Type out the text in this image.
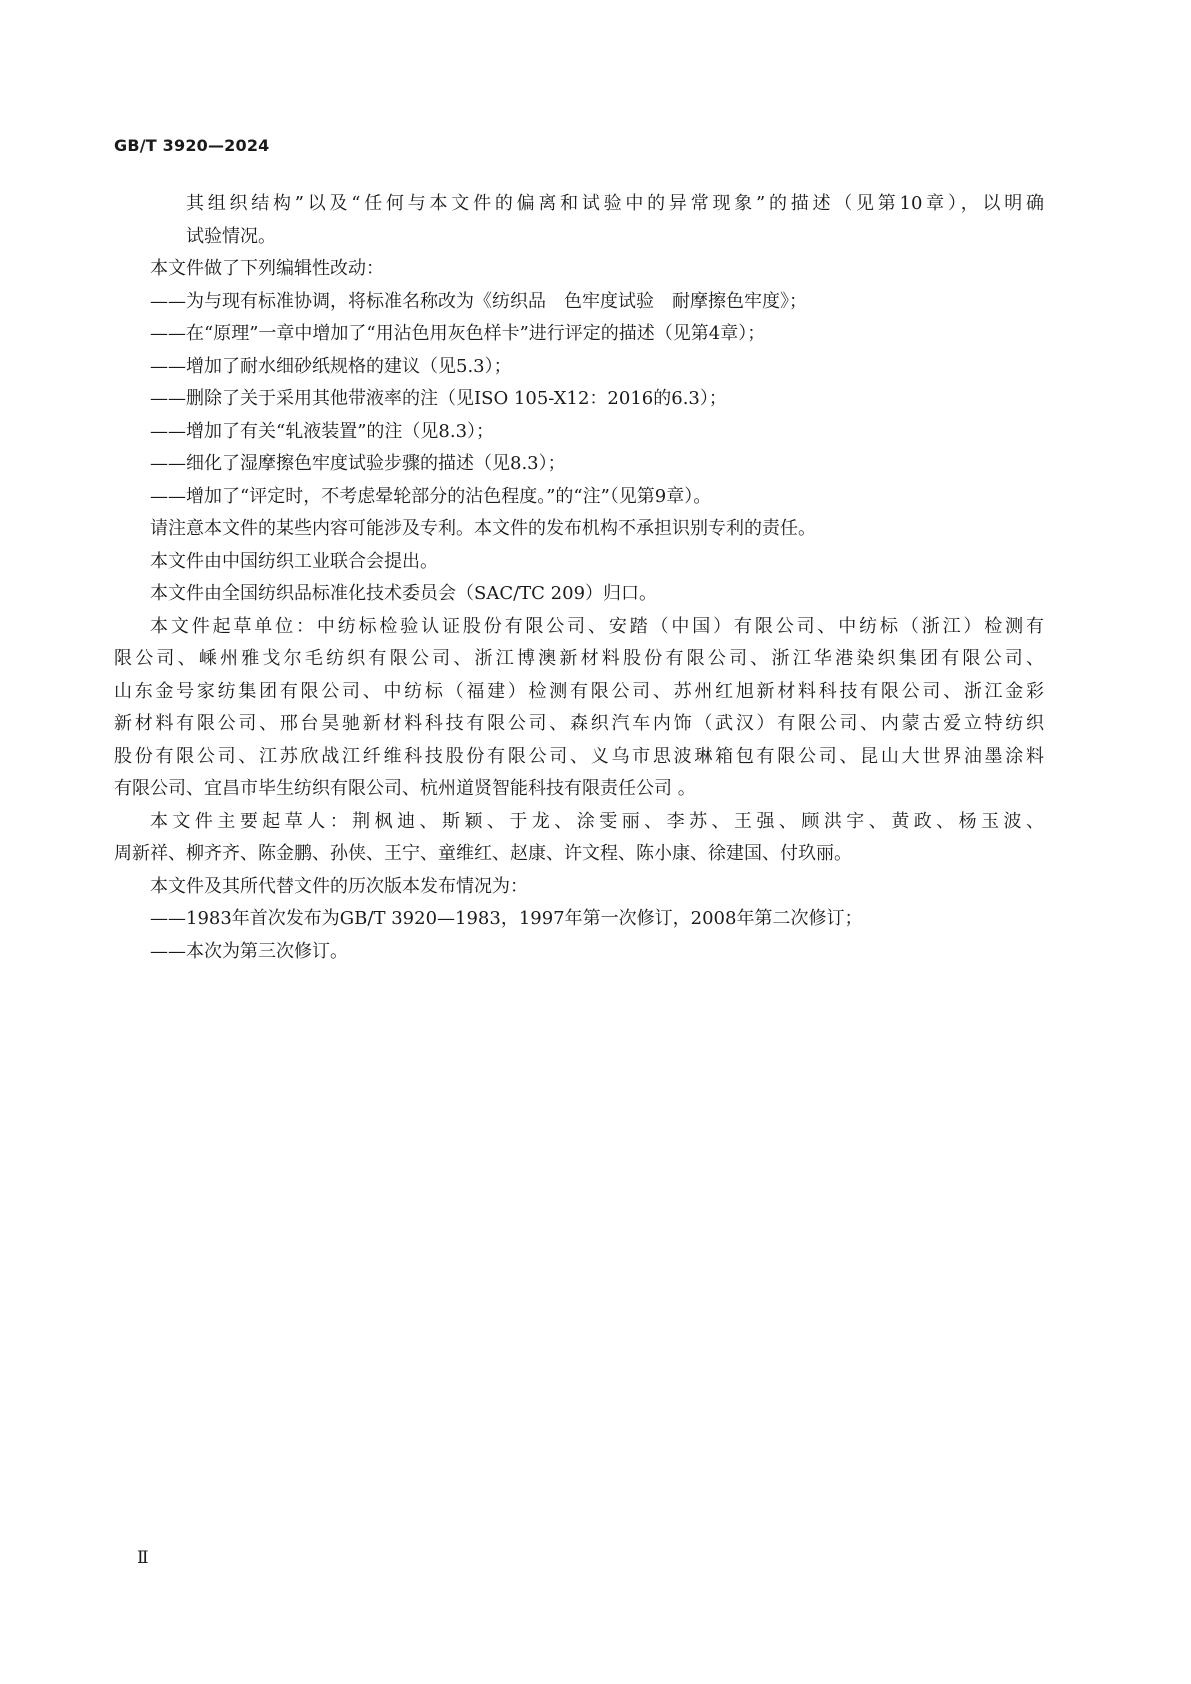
GB/T 3920—2024
其组织结构”以及“任何与本文件的偏离和试验中的异常现象”的描述（见第10章），以明确
试验情况。
本文件做了下列编辑性改动：
——为与现有标准协调，将标准名称改为《纺织品　色牢度试验　耐摩擦色牢度》；
——在“原理”一章中增加了“用沾色用灰色样卡”进行评定的描述（见第4章）；
——增加了耐水细砂纸规格的建议（见5.3）；
——删除了关于采用其他带液率的注（见ISO 105-X12：2016的6.3）；
——增加了有关“轧液装置”的注（见8.3）；
——细化了湿摩擦色牢度试验步骤的描述（见8.3）；
——增加了“评定时，不考虑晕轮部分的沾色程度。”的“注”（见第9章）。
请注意本文件的某些内容可能涉及专利。本文件的发布机构不承担识别专利的责任。
本文件由中国纺织工业联合会提出。
本文件由全国纺织品标准化技术委员会（SAC/TC 209）归口。
本文件起草单位：中纺标检验认证股份有限公司、安踏（中国）有限公司、中纺标（浙江）检测有
限公司、嵊州雅戈尔毛纺织有限公司、浙江博澳新材料股份有限公司、浙江华港染织集团有限公司、
山东金号家纺集团有限公司、中纺标（福建）检测有限公司、苏州红旭新材料科技有限公司、浙江金彩
新材料有限公司、邢台昊驰新材料科技有限公司、森织汽车内饰（武汉）有限公司、内蒙古爱立特纺织
股份有限公司、江苏欣战江纤维科技股份有限公司、义乌市思波琳箱包有限公司、昆山大世界油墨涂料
有限公司、宜昌市毕生纺织有限公司、杭州道贤智能科技有限责任公司 。
本文件主要起草人：荆枫迪、斯颖、于龙、涂雯丽、李苏、王强、顾洪宇、黄政、杨玉波、
周新祥、柳齐齐、陈金鹏、孙侠、王宁、童维红、赵康、许文程、陈小康、徐建国、付玖丽。
本文件及其所代替文件的历次版本发布情况为：
——1983年首次发布为GB/T 3920—1983，1997年第一次修订，2008年第二次修订；
——本次为第三次修订。
Ⅱ
